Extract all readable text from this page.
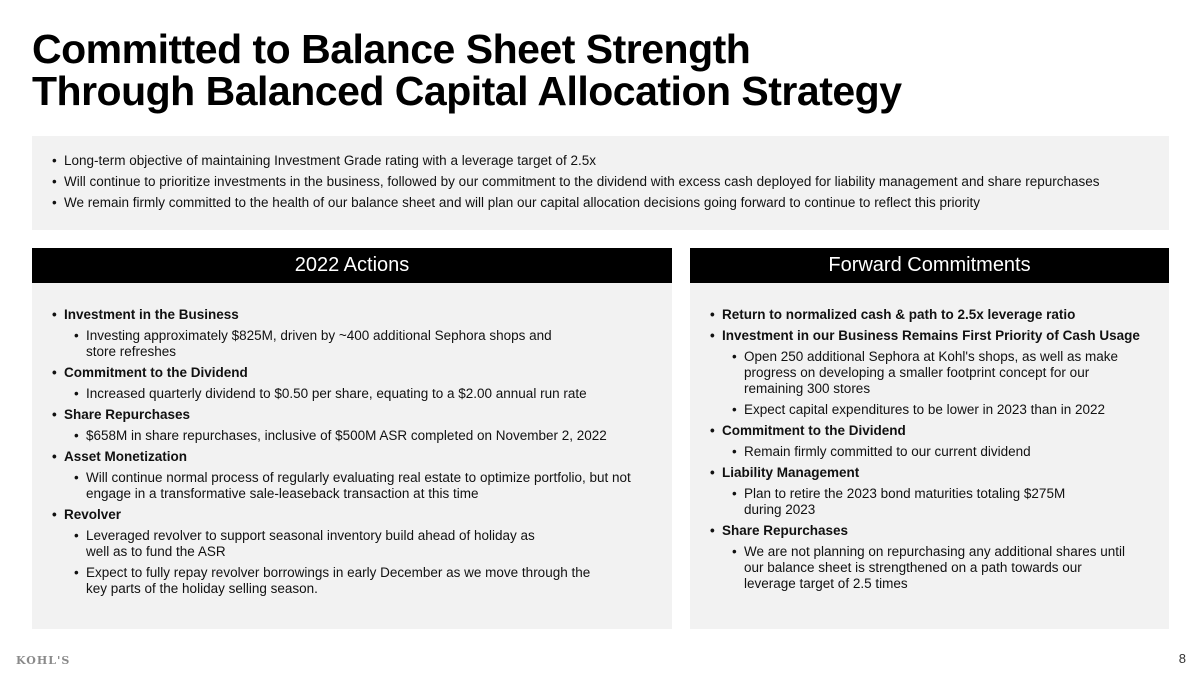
Committed to Balance Sheet Strength
Through Balanced Capital Allocation Strategy
• Long-term objective of maintaining Investment Grade rating with a leverage target of 2.5x
• Will continue to prioritize investments in the business, followed by our commitment to the dividend with excess cash deployed for liability management and share repurchases
• We remain firmly committed to the health of our balance sheet and will plan our capital allocation decisions going forward to continue to reflect this priority
2022 Actions
• Investment in the Business
• Investing approximately $825M, driven by ~400 additional Sephora shops and store refreshes
• Commitment to the Dividend
• Increased quarterly dividend to $0.50 per share, equating to a $2.00 annual run rate
• Share Repurchases
• $658M in share repurchases, inclusive of $500M ASR completed on November 2, 2022
• Asset Monetization
• Will continue normal process of regularly evaluating real estate to optimize portfolio, but not engage in a transformative sale-leaseback transaction at this time
• Revolver
• Leveraged revolver to support seasonal inventory build ahead of holiday as well as to fund the ASR
• Expect to fully repay revolver borrowings in early December as we move through the key parts of the holiday selling season.
Forward Commitments
• Return to normalized cash & path to 2.5x leverage ratio
• Investment in our Business Remains First Priority of Cash Usage
• Open 250 additional Sephora at Kohl's shops, as well as make progress on developing a smaller footprint concept for our remaining 300 stores
• Expect capital expenditures to be lower in 2023 than in 2022
• Commitment to the Dividend
• Remain firmly committed to our current dividend
• Liability Management
• Plan to retire the 2023 bond maturities totaling $275M during 2023
• Share Repurchases
• We are not planning on repurchasing any additional shares until our balance sheet is strengthened on a path towards our leverage target of 2.5 times
KOHL'S	8
